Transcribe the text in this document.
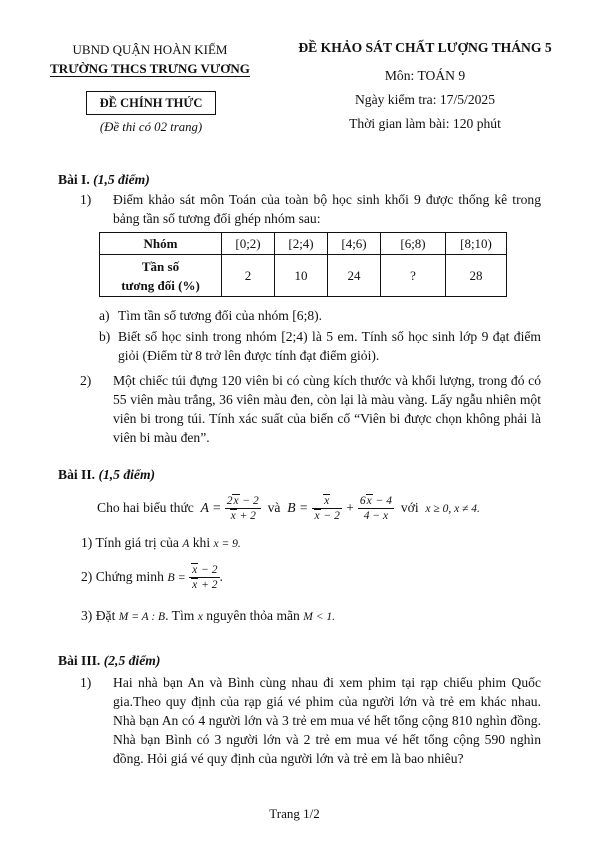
UBND QUẬN HOÀN KIẾM
TRƯỜNG THCS TRƯNG VƯƠNG
ĐỀ CHÍNH THỨC
(Đề thi có 02 trang)
ĐỀ KHẢO SÁT CHẤT LƯỢNG THÁNG 5
Môn: TOÁN 9
Ngày kiểm tra: 17/5/2025
Thời gian làm bài: 120 phút
Bài I. (1,5 điểm)
1)	Điểm khảo sát môn Toán của toàn bộ học sinh khối 9 được thống kê trong bảng tần số tương đối ghép nhóm sau:
Nhóm	[0;2)	[2;4)	[4;6)	[6;8)	[8;10)
Tần số
tương đối (%)	2	10	24	?	28
a) Tìm tần số tương đối của nhóm [6;8).
b) Biết số học sinh trong nhóm [2;4) là 5 em. Tính số học sinh lớp 9 đạt điểm giỏi (Điểm từ 8 trở lên được tính đạt điểm giỏi).
2)	Một chiếc túi đựng 120 viên bi có cùng kích thước và khối lượng, trong đó có 55 viên màu trắng, 36 viên màu đen, còn lại là màu vàng. Lấy ngẫu nhiên một viên bi trong túi. Tính xác suất của biến cố “Viên bi được chọn không phải là viên bi màu đen”.
Bài II. (1,5 điểm)
Cho hai biểu thức $A = \frac{2x - 2}{x + 2}$ và $B = \frac{x}{x - 2} + \frac{6x - 4}{4 - x}$ với x ≥ 0, x ≠ 4.
1) Tính giá trị của A khi x = 9.
2) Chứng minh $B = \frac{x - 2}{x + 2}$ .
3) Đặt M = A : B. Tìm x nguyên thỏa mãn M < 1.
Bài III. (2,5 điểm)
1)	Hai nhà bạn An và Bình cùng nhau đi xem phim tại rạp chiếu phim Quốc gia.Theo quy định của rạp giá vé phim của người lớn và trẻ em khác nhau. Nhà bạn An có 4 người lớn và 3 trẻ em mua vé hết tổng cộng 810 nghìn đồng. Nhà bạn Bình có 3 người lớn và 2 trẻ em mua vé hết tổng cộng 590 nghìn đồng. Hỏi giá vé quy định của người lớn và trẻ em là bao nhiêu?
Trang 1/2
